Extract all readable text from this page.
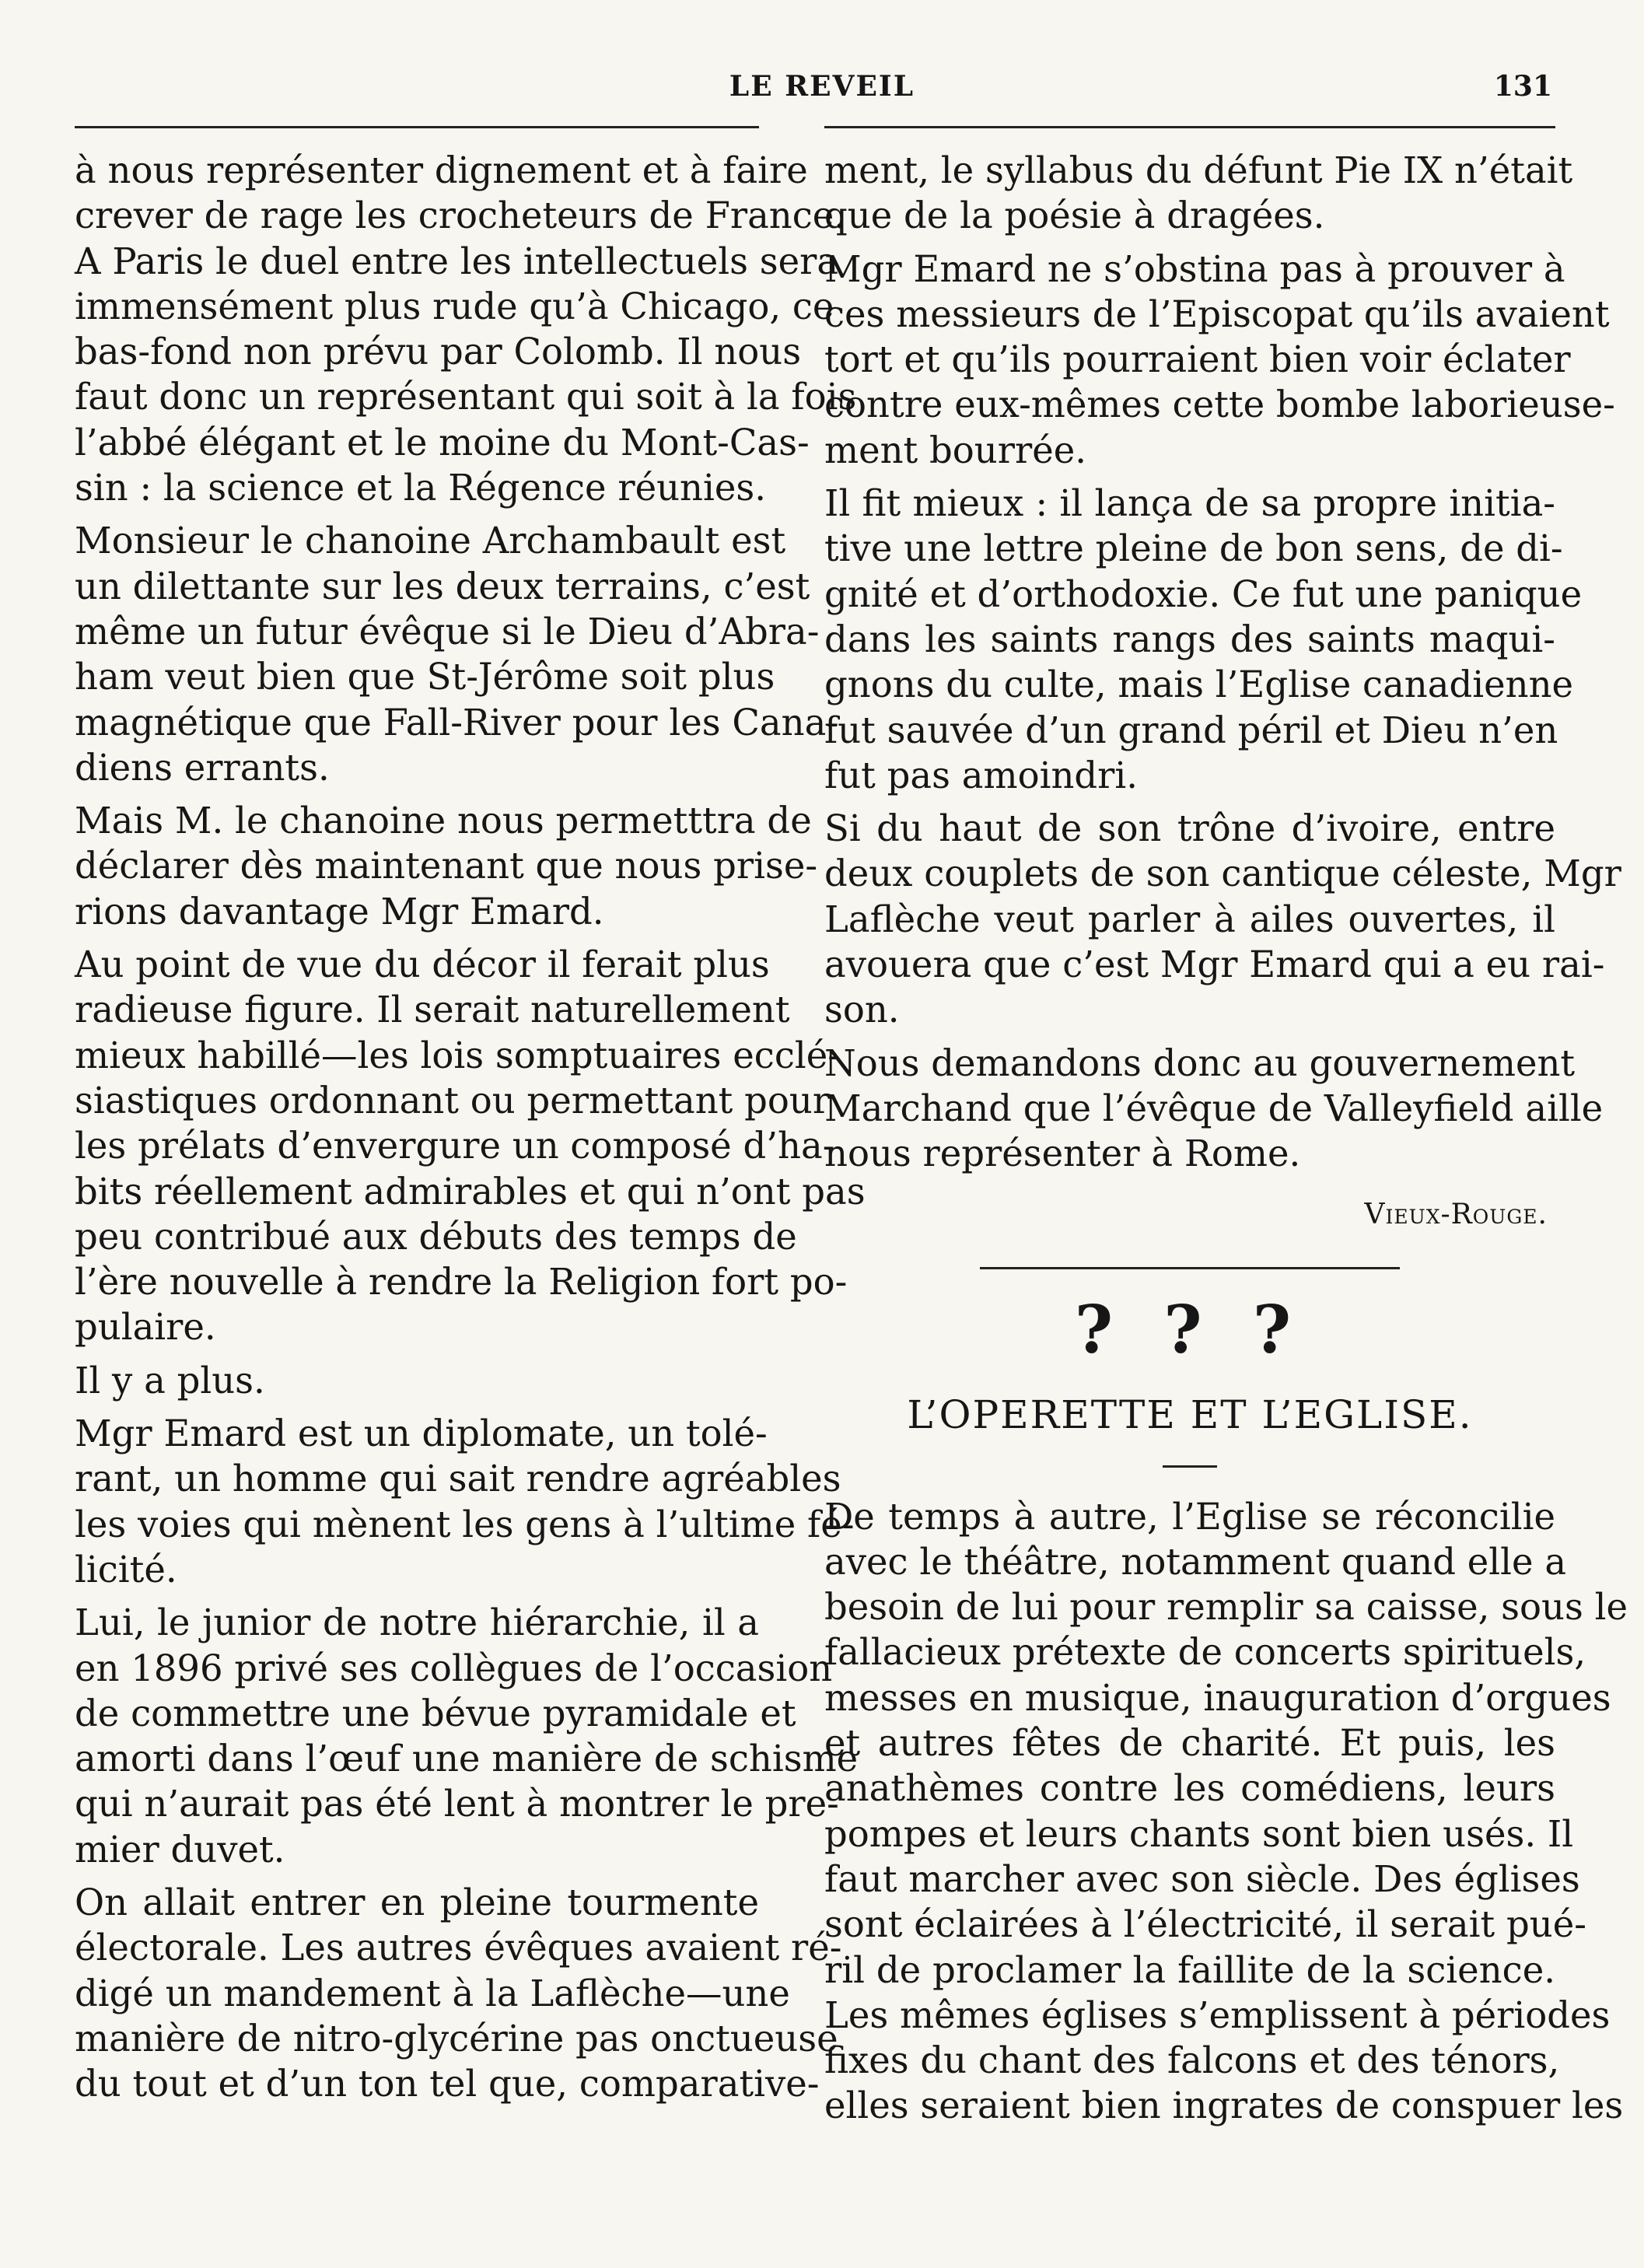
LE REVEIL	131
à nous représenter dignement et à faire
crever de rage les crocheteurs de France.
A Paris le duel entre les intellectuels sera
immensément plus rude qu’à Chicago, ce
bas-fond non prévu par Colomb. Il nous
faut donc un représentant qui soit à la fois
l’abbé élégant et le moine du Mont-Cas-
sin : la science et la Régence réunies.
Monsieur le chanoine Archambault est
un dilettante sur les deux terrains, c’est
même un futur évêque si le Dieu d’Abra-
ham veut bien que St-Jérôme soit plus
magnétique que Fall-River pour les Cana-
diens errants.
Mais M. le chanoine nous permetttra de
déclarer dès maintenant que nous prise-
rions davantage Mgr Emard.
Au point de vue du décor il ferait plus
radieuse figure. Il serait naturellement
mieux habillé—les lois somptuaires ecclé-
siastiques ordonnant ou permettant pour
les prélats d’envergure un composé d’ha-
bits réellement admirables et qui n’ont pas
peu contribué aux débuts des temps de
l’ère nouvelle à rendre la Religion fort po-
pulaire.
Il y a plus.
Mgr Emard est un diplomate, un tolé-
rant, un homme qui sait rendre agréables
les voies qui mènent les gens à l’ultime fé-
licité.
Lui, le junior de notre hiérarchie, il a
en 1896 privé ses collègues de l’occasion
de commettre une bévue pyramidale et
amorti dans l’œuf une manière de schisme
qui n’aurait pas été lent à montrer le pre-
mier duvet.
On allait entrer en pleine tourmente
électorale. Les autres évêques avaient ré-
digé un mandement à la Laflèche—une
manière de nitro-glycérine pas onctueuse
du tout et d’un ton tel que, comparative-
ment, le syllabus du défunt Pie IX n’était
que de la poésie à dragées.
Mgr Emard ne s’obstina pas à prouver à
ces messieurs de l’Episcopat qu’ils avaient
tort et qu’ils pourraient bien voir éclater
contre eux-mêmes cette bombe laborieuse-
ment bourrée.
Il fit mieux : il lança de sa propre initia-
tive une lettre pleine de bon sens, de di-
gnité et d’orthodoxie. Ce fut une panique
dans les saints rangs des saints maqui-
gnons du culte, mais l’Eglise canadienne
fut sauvée d’un grand péril et Dieu n’en
fut pas amoindri.
Si du haut de son trône d’ivoire, entre
deux couplets de son cantique céleste, Mgr
Laflèche veut parler à ailes ouvertes, il
avouera que c’est Mgr Emard qui a eu rai-
son.
Nous demandons donc au gouvernement
Marchand que l’évêque de Valleyfield aille
nous représenter à Rome.
Vieux-Rouge.
? ? ?
L’OPERETTE ET L’EGLISE.
De temps à autre, l’Eglise se réconcilie
avec le théâtre, notamment quand elle a
besoin de lui pour remplir sa caisse, sous le
fallacieux prétexte de concerts spirituels,
messes en musique, inauguration d’orgues
et autres fêtes de charité. Et puis, les
anathèmes contre les comédiens, leurs
pompes et leurs chants sont bien usés. Il
faut marcher avec son siècle. Des églises
sont éclairées à l’électricité, il serait pué-
ril de proclamer la faillite de la science.
Les mêmes églises s’emplissent à périodes
fixes du chant des falcons et des ténors,
elles seraient bien ingrates de conspuer les
